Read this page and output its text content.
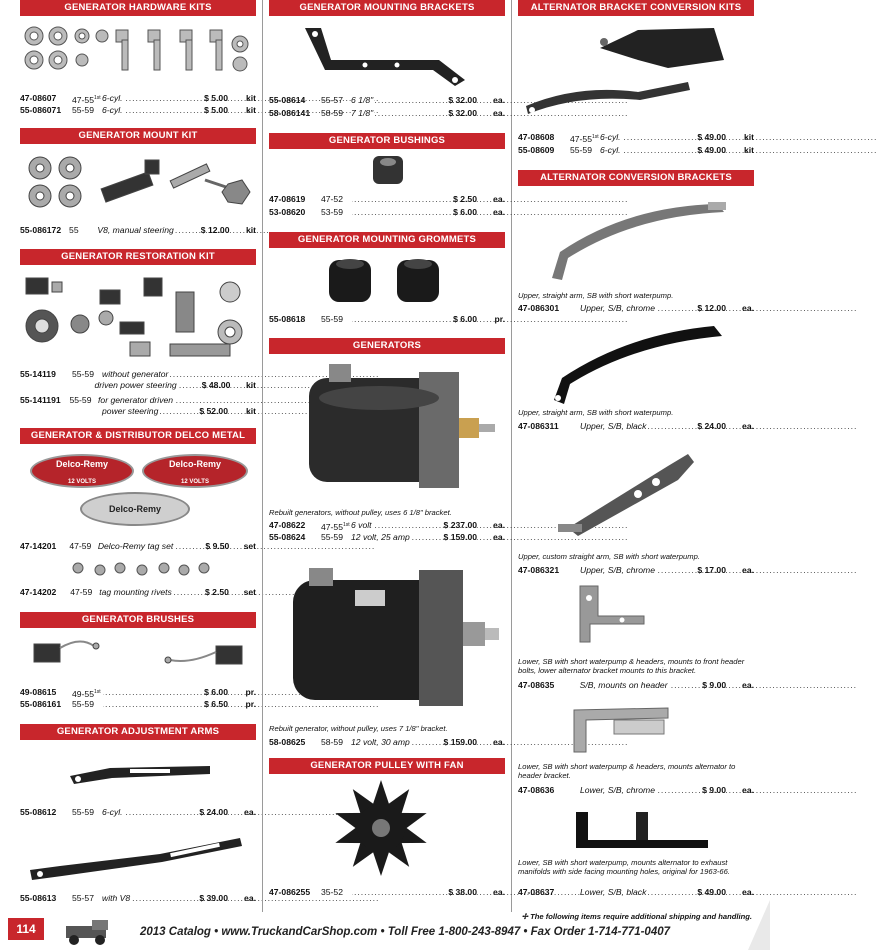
GENERATOR HARDWARE KITS
47-08607	$47-55^{1st}$ 6-cyl. .....	$ 5.00	kit
55-086071	55-59 6-cyl. .....	$ 5.00	kit
GENERATOR MOUNT KIT
55-086172 55	V8, manual steering .....	$ 12.00	kit
GENERATOR RESTORATION KIT
55-14119	55-59 without generator .....
driven power steering .....	$ 48.00	kit
55-141191	55-59 for generator driven .....
power steering .....	$ 52.00	kit
GENERATOR & DISTRIBUTOR DELCO METAL TAGS
Delco-Remy
12 VOLTS
Delco-Remy
12 VOLTS
Delco-Remy
47-14201	47-59 Delco-Remy tag set .....	$ 9.50	set
47-14202	47-59 tag mounting rivets .....	$ 2.50	set
GENERATOR BRUSHES
49-08615	$49-55^{1st}$ .....	$ 6.00	pr.
55-086161	55-59 .....	$ 6.50	pr.
GENERATOR ADJUSTMENT ARMS
55-08612	55-59 6-cyl. .....	$ 24.00	ea.
55-08613	55-57 with V8 .....	$ 39.00	ea.
GENERATOR MOUNTING BRACKETS
55-08614	55-57 6 1/8" .....	$ 32.00	ea.
58-086141	58-59 7 1/8" .....	$ 32.00	ea.
GENERATOR BUSHINGS
47-08619	47-52 .....	$ 2.50	ea.
53-08620	53-59 .....	$ 6.00	ea.
GENERATOR MOUNTING GROMMETS
55-08618	55-59 .....	$ 6.00	pr.
GENERATORS
Rebuilt generators, without pulley, uses 6 1/8" bracket.
47-08622	$47-55^{1st}$ 6 volt .....	$ 237.00	ea.
55-08624	55-59 12 volt, 25 amp .....	$ 159.00	ea.
Rebuilt generator, without pulley, uses 7 1/8" bracket.
58-08625	58-59 12 volt, 30 amp .....	$ 159.00	ea.
GENERATOR PULLEY WITH FAN
47-086255	35-52 .....	$ 38.00	ea.
ALTERNATOR BRACKET CONVERSION KITS
47-08608	$47-55^{1st}$ 6-cyl. .....	$ 49.00	kit
55-08609	55-59 6-cyl. .....	$ 49.00	kit
ALTERNATOR CONVERSION BRACKETS
Upper, straight arm, SB with short waterpump.
47-086301	Upper, S/B, chrome .....	$ 12.00	ea.
Upper, straight arm, SB with short waterpump.
47-086311	Upper, S/B, black .....	$ 24.00	ea.
Upper, custom straight arm, SB with short waterpump.
47-086321	Upper, S/B, chrome .....	$ 17.00	ea.
Lower, SB with short waterpump & headers, mounts to front header bolts, lower alternator bracket mounts to this bracket.
47-08635	S/B, mounts on header .....	$ 9.00	ea.
Lower, SB with short waterpump & headers, mounts alternator to header bracket.
47-08636	Lower, S/B, chrome .....	$ 9.00	ea.
Lower, SB with short waterpump, mounts alternator to exhaust manifolds with side facing mounting holes, original for 1963-66.
47-08637	Lower, S/B, black .....	$ 49.00	ea.
✢ The following items require additional shipping and handling.
114	2013 Catalog • www.TruckandCarShop.com • Toll Free 1-800-243-8947 • Fax Order 1-714-771-0407
